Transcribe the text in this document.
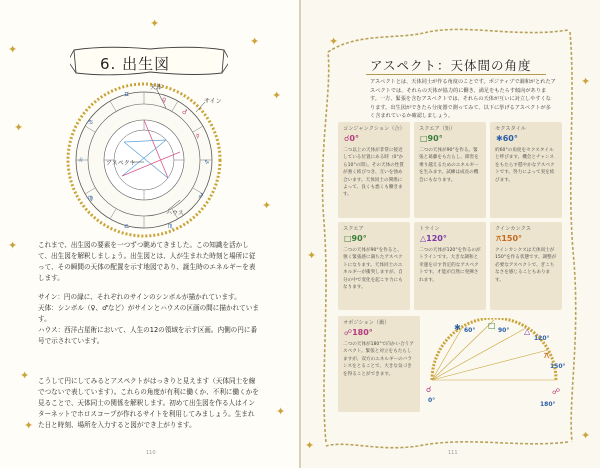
✦
✦
✦
✦
✦
✦
✦
✦
✦
✦
6. 出生図
♀
♂
☿
♋
♌
♍
♎	♏
♐
♑
♊
天体
サイン
アスペクト
ハウス

これまで、出生図の要素を一つずつ眺めてきました。この知識を活かして、出生図を解釈しましょう。出生図とは、人が生まれた時刻と場所に従って、その瞬間の天体の配置を示す地図であり、誕生時のエネルギーを表します。

サイン：円の縁に、それぞれのサインのシンボルが描かれています。

天体：シンボル（♀、♂など）がサインとハウスの区画の間に描かれています。

ハウス：西洋占星術において、人生の12の領域を示す区画。内側の円に番号で示されています。

こうして円にしてみるとアスペクトがはっきりと見えます（天体同士を線でつないで表しています）。これらの角度が有利に働くか、不利に働くかを見ることで、天体同士の関係を解釈します。初めて出生図を作る人はインターネットでホロスコープが作れるサイトを利用してみましょう。生まれた日と時刻、場所を入力すると図ができ上がります。

110
✦
✦
✦
✦
✦
アスペクト：天体間の角度
アスペクトとは、天体同士が作る角度のことです。ポジティブで調和がとれたアスペクトでは、それらの天体が協力的に働き、満足をもたらす傾向があります。一方、緊張を含むアスペクトでは、それらの天体が互いに対立しやすくなります。出生図ができたら分度器で測ってみて、以下に挙げるアスペクトが多く含まれているか確認しましょう。
コンジャンクション（合）
☌0°
二つ以上の天体が非常に接近している位置にある時（0°から10°の間）。その天体の性質が強く結びつき、互いを強め合います。天体同士の関係によって、良くも悪くも働きます。
スクエア（矩）
□90°
二つの天体が90°を作る。緊張と葛藤をもたらし、障害を乗り越えるためのエネルギーを生みます。試練は成長の機会にもなります。
セクスタイル
✱60°
約60°の角度をセクスタイルと呼びます。機会とチャンスをもたらす穏やかなアスペクトです。努力によって実を結びます。
スクエア
□90°
二つの天体が90°を作ると、強く緊張感に満ちたアスペクトになります。天体同士のエネルギーが衝突しますが、自分の中で変化を起こす力にもなります。
トライン
△120°
二つの天体が120°を作るのがトラインです。大きな調和と幸運を示す肯定的なアスペクトです。才能が自然に発揮されます。
クインカンクス
⚻150°
クインカンクスは天体同士が150°を作る状態です。調整が必要なアスペクトで、ぎこちなさを感じることもあります。
オポジション（衝）
☍180°
二つの天体が180°で向かい合うアスペクト。緊張と対立をもたらしますが、双方のエネルギーのバランスをとることで、大きな気づきを得ることができます。
☌
✱	□
△
⚻
☍
0°
60°	90°
120°
150°
180°
111
